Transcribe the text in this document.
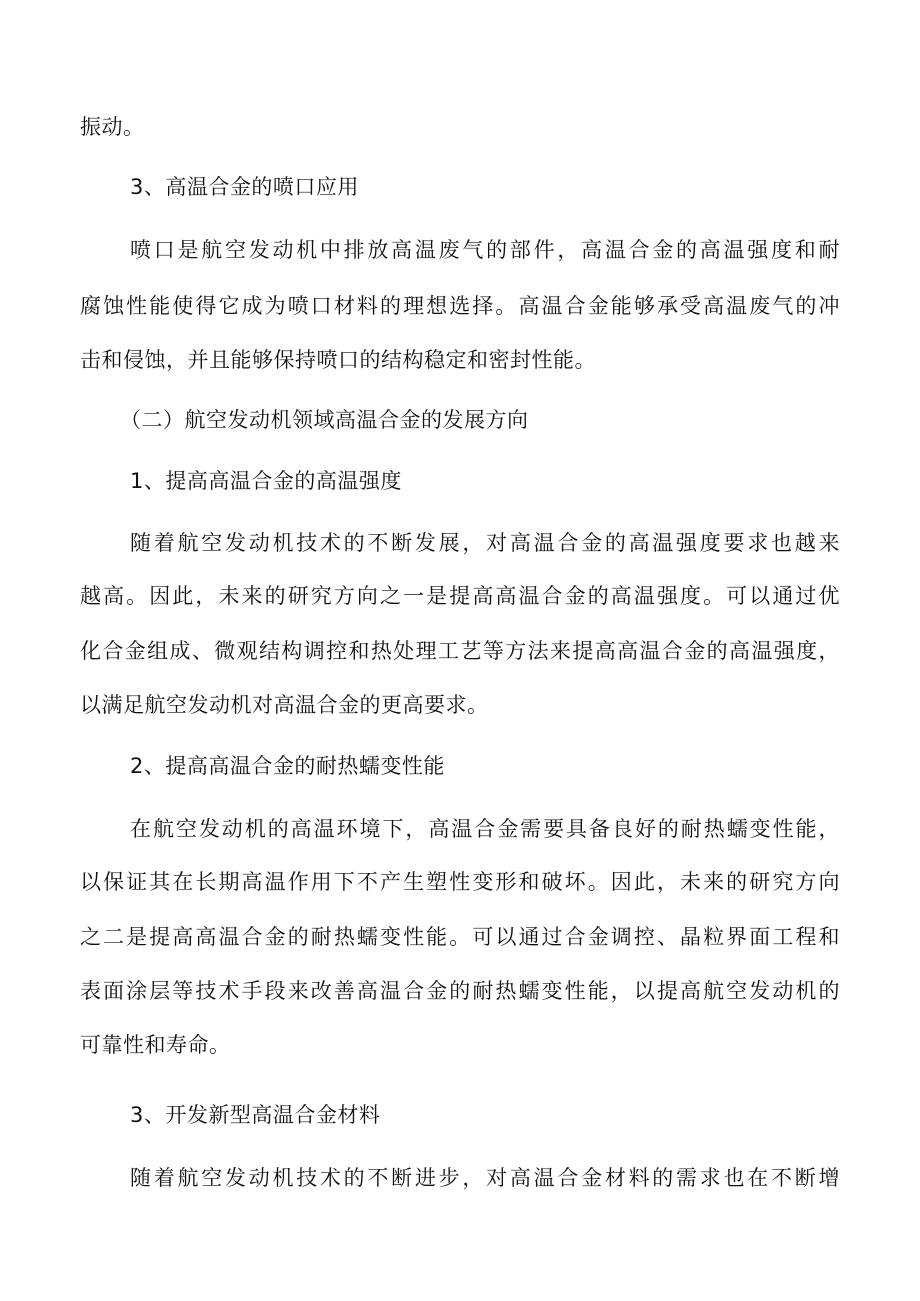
振动。
3、高温合金的喷口应用
喷口是航空发动机中排放高温废气的部件，高温合金的高温强度和耐
腐蚀性能使得它成为喷口材料的理想选择。高温合金能够承受高温废气的冲
击和侵蚀，并且能够保持喷口的结构稳定和密封性能。
（二）航空发动机领域高温合金的发展方向
1、提高高温合金的高温强度
随着航空发动机技术的不断发展，对高温合金的高温强度要求也越来
越高。因此，未来的研究方向之一是提高高温合金的高温强度。可以通过优
化合金组成、微观结构调控和热处理工艺等方法来提高高温合金的高温强度，
以满足航空发动机对高温合金的更高要求。
2、提高高温合金的耐热蠕变性能
在航空发动机的高温环境下，高温合金需要具备良好的耐热蠕变性能，
以保证其在长期高温作用下不产生塑性变形和破坏。因此，未来的研究方向
之二是提高高温合金的耐热蠕变性能。可以通过合金调控、晶粒界面工程和
表面涂层等技术手段来改善高温合金的耐热蠕变性能，以提高航空发动机的
可靠性和寿命。
3、开发新型高温合金材料
随着航空发动机技术的不断进步，对高温合金材料的需求也在不断增
